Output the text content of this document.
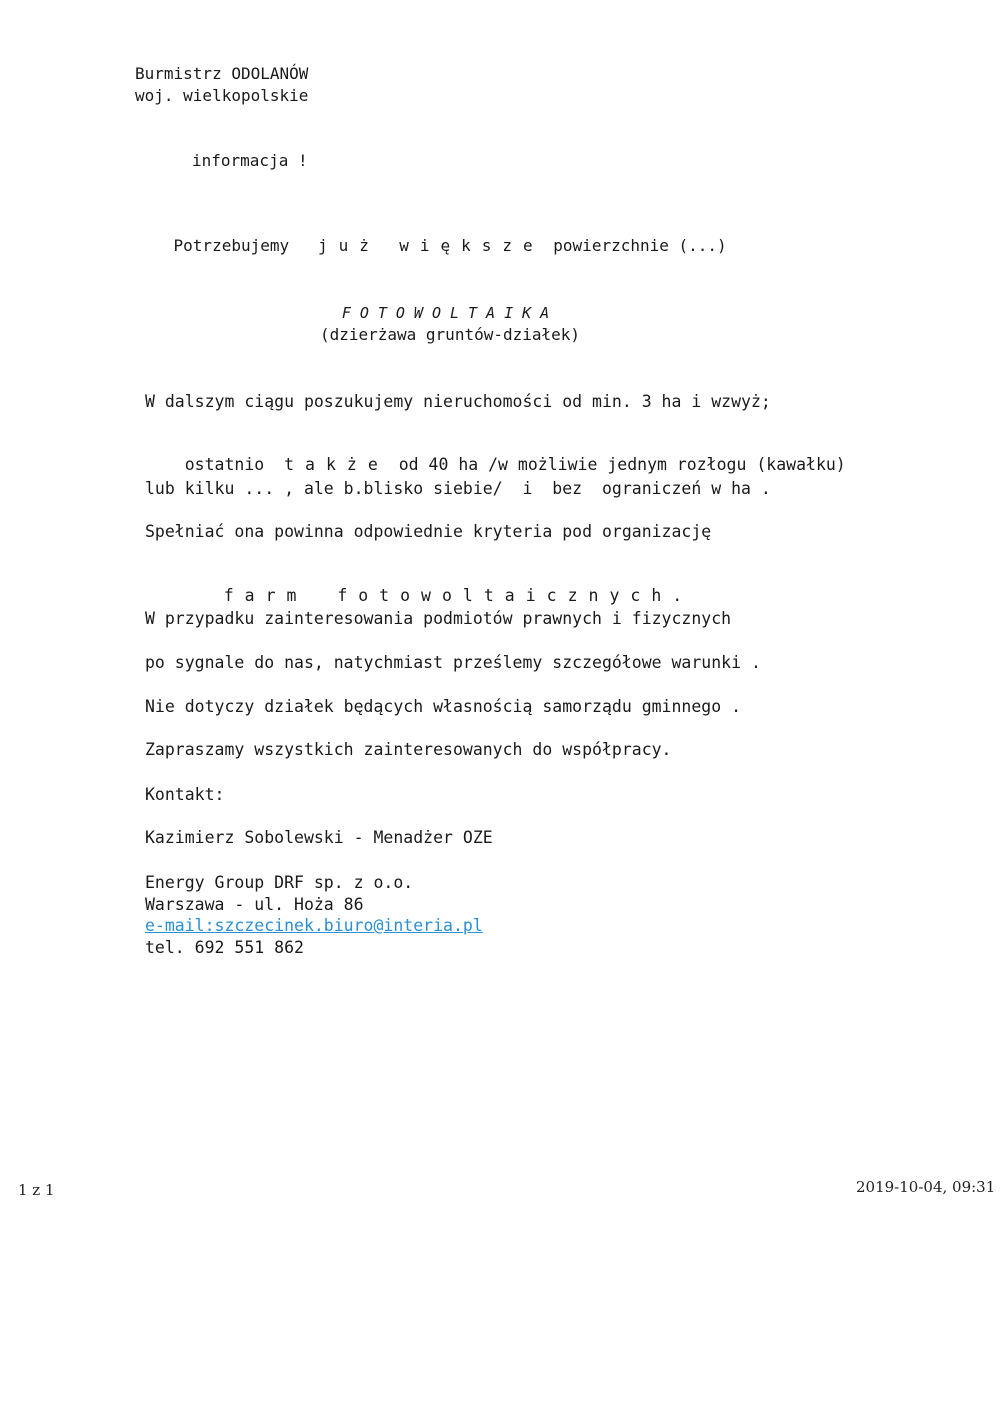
Burmistrz ODOLANÓW
woj. wielkopolskie
informacja !

Potrzebujemy już większe powierzchnie (...)

FOTOWOLTAIKA
(dzierżawa gruntów-działek)
W dalszym ciągu poszukujemy nieruchomości od min. 3 ha i wzwyż;

ostatnio także od 40 ha /w możliwie jednym rozłogu (kawałku)

lub kilku ... , ale b.blisko siebie/  i  bez  ograniczeń w ha .
Spełniać ona powinna odpowiednie kryteria pod organizację

farm fotowoltaicznych.

W przypadku zainteresowania podmiotów prawnych i fizycznych
po sygnale do nas, natychmiast prześlemy szczegółowe warunki .
Nie dotyczy działek będących własnością samorządu gminnego .
Zapraszamy wszystkich zainteresowanych do współpracy.
Kontakt:
Kazimierz Sobolewski - Menadżer OZE
Energy Group DRF sp. z o.o.
Warszawa - ul. Hoża 86
e-mail:szczecinek.biuro@interia.pl
tel. 692 551 862
1 z 1	2019-10-04, 09:31
